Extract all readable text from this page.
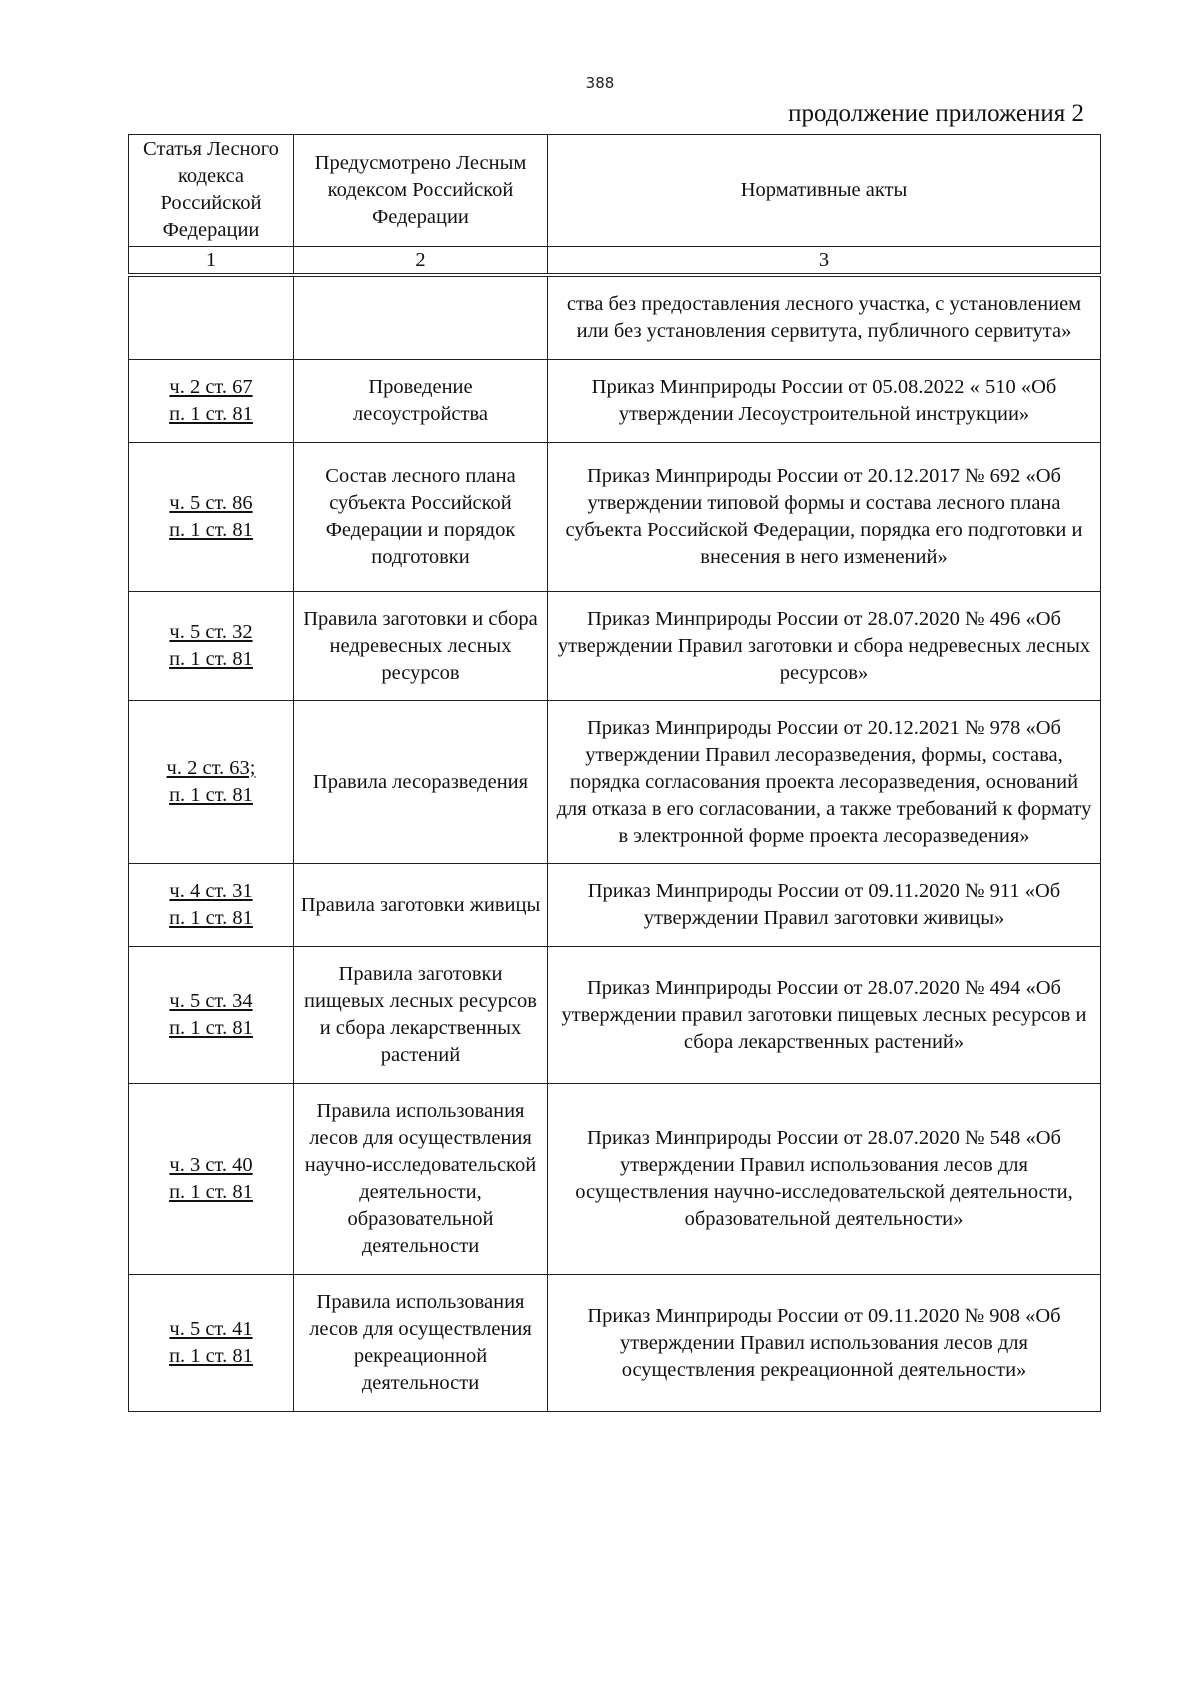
388
продолжение приложения 2
Статья Лесного кодекса Российской Федерации	Предусмотрено Лесным кодексом Российской Федерации	Нормативные акты
1	2	3

		ства без предоставления лесного участка, с установлением или без установления сервитута, публичного сервитута»

ч. 2 ст. 67
п. 1 ст. 81	Проведение лесоустройства	Приказ Минприроды России от 05.08.2022 « 510 «Об утверждении Лесоустроительной инструкции»

ч. 5 ст. 86
п. 1 ст. 81	Состав лесного плана субъекта Российской Федерации и порядок подготовки	Приказ Минприроды России от 20.12.2017 № 692 «Об утверждении типовой формы и состава лесного плана субъекта Российской Федерации, порядка его подготовки и внесения в него изменений»

ч. 5 ст. 32
п. 1 ст. 81	Правила заготовки и сбора недревесных лесных ресурсов	Приказ Минприроды России от 28.07.2020 № 496 «Об утверждении Правил заготовки и сбора недревесных лесных ресурсов»

ч. 2 ст. 63;
п. 1 ст. 81	Правила лесоразведения	Приказ Минприроды России от 20.12.2021 № 978 «Об утверждении Правил лесоразведения, формы, состава, порядка согласования проекта лесоразведения, оснований для отказа в его согласовании, а также требований к формату в электронной форме проекта лесоразведения»

ч. 4 ст. 31
п. 1 ст. 81	Правила заготовки живицы	Приказ Минприроды России от 09.11.2020 № 911 «Об утверждении Правил заготовки живицы»

ч. 5 ст. 34
п. 1 ст. 81	Правила заготовки пищевых лесных ресурсов и сбора лекарственных растений	Приказ Минприроды России от 28.07.2020 № 494 «Об утверждении правил заготовки пищевых лесных ресурсов и сбора лекарственных растений»

ч. 3 ст. 40
п. 1 ст. 81	Правила использования лесов для осуществления научно-исследовательской деятельности, образовательной деятельности	Приказ Минприроды России от 28.07.2020 № 548 «Об утверждении Правил использования лесов для осуществления научно-исследовательской деятельности, образовательной деятельности»

ч. 5 ст. 41
п. 1 ст. 81	Правила использования лесов для осуществления рекреационной деятельности	Приказ Минприроды России от 09.11.2020 № 908 «Об утверждении Правил использования лесов для осуществления рекреационной деятельности»
